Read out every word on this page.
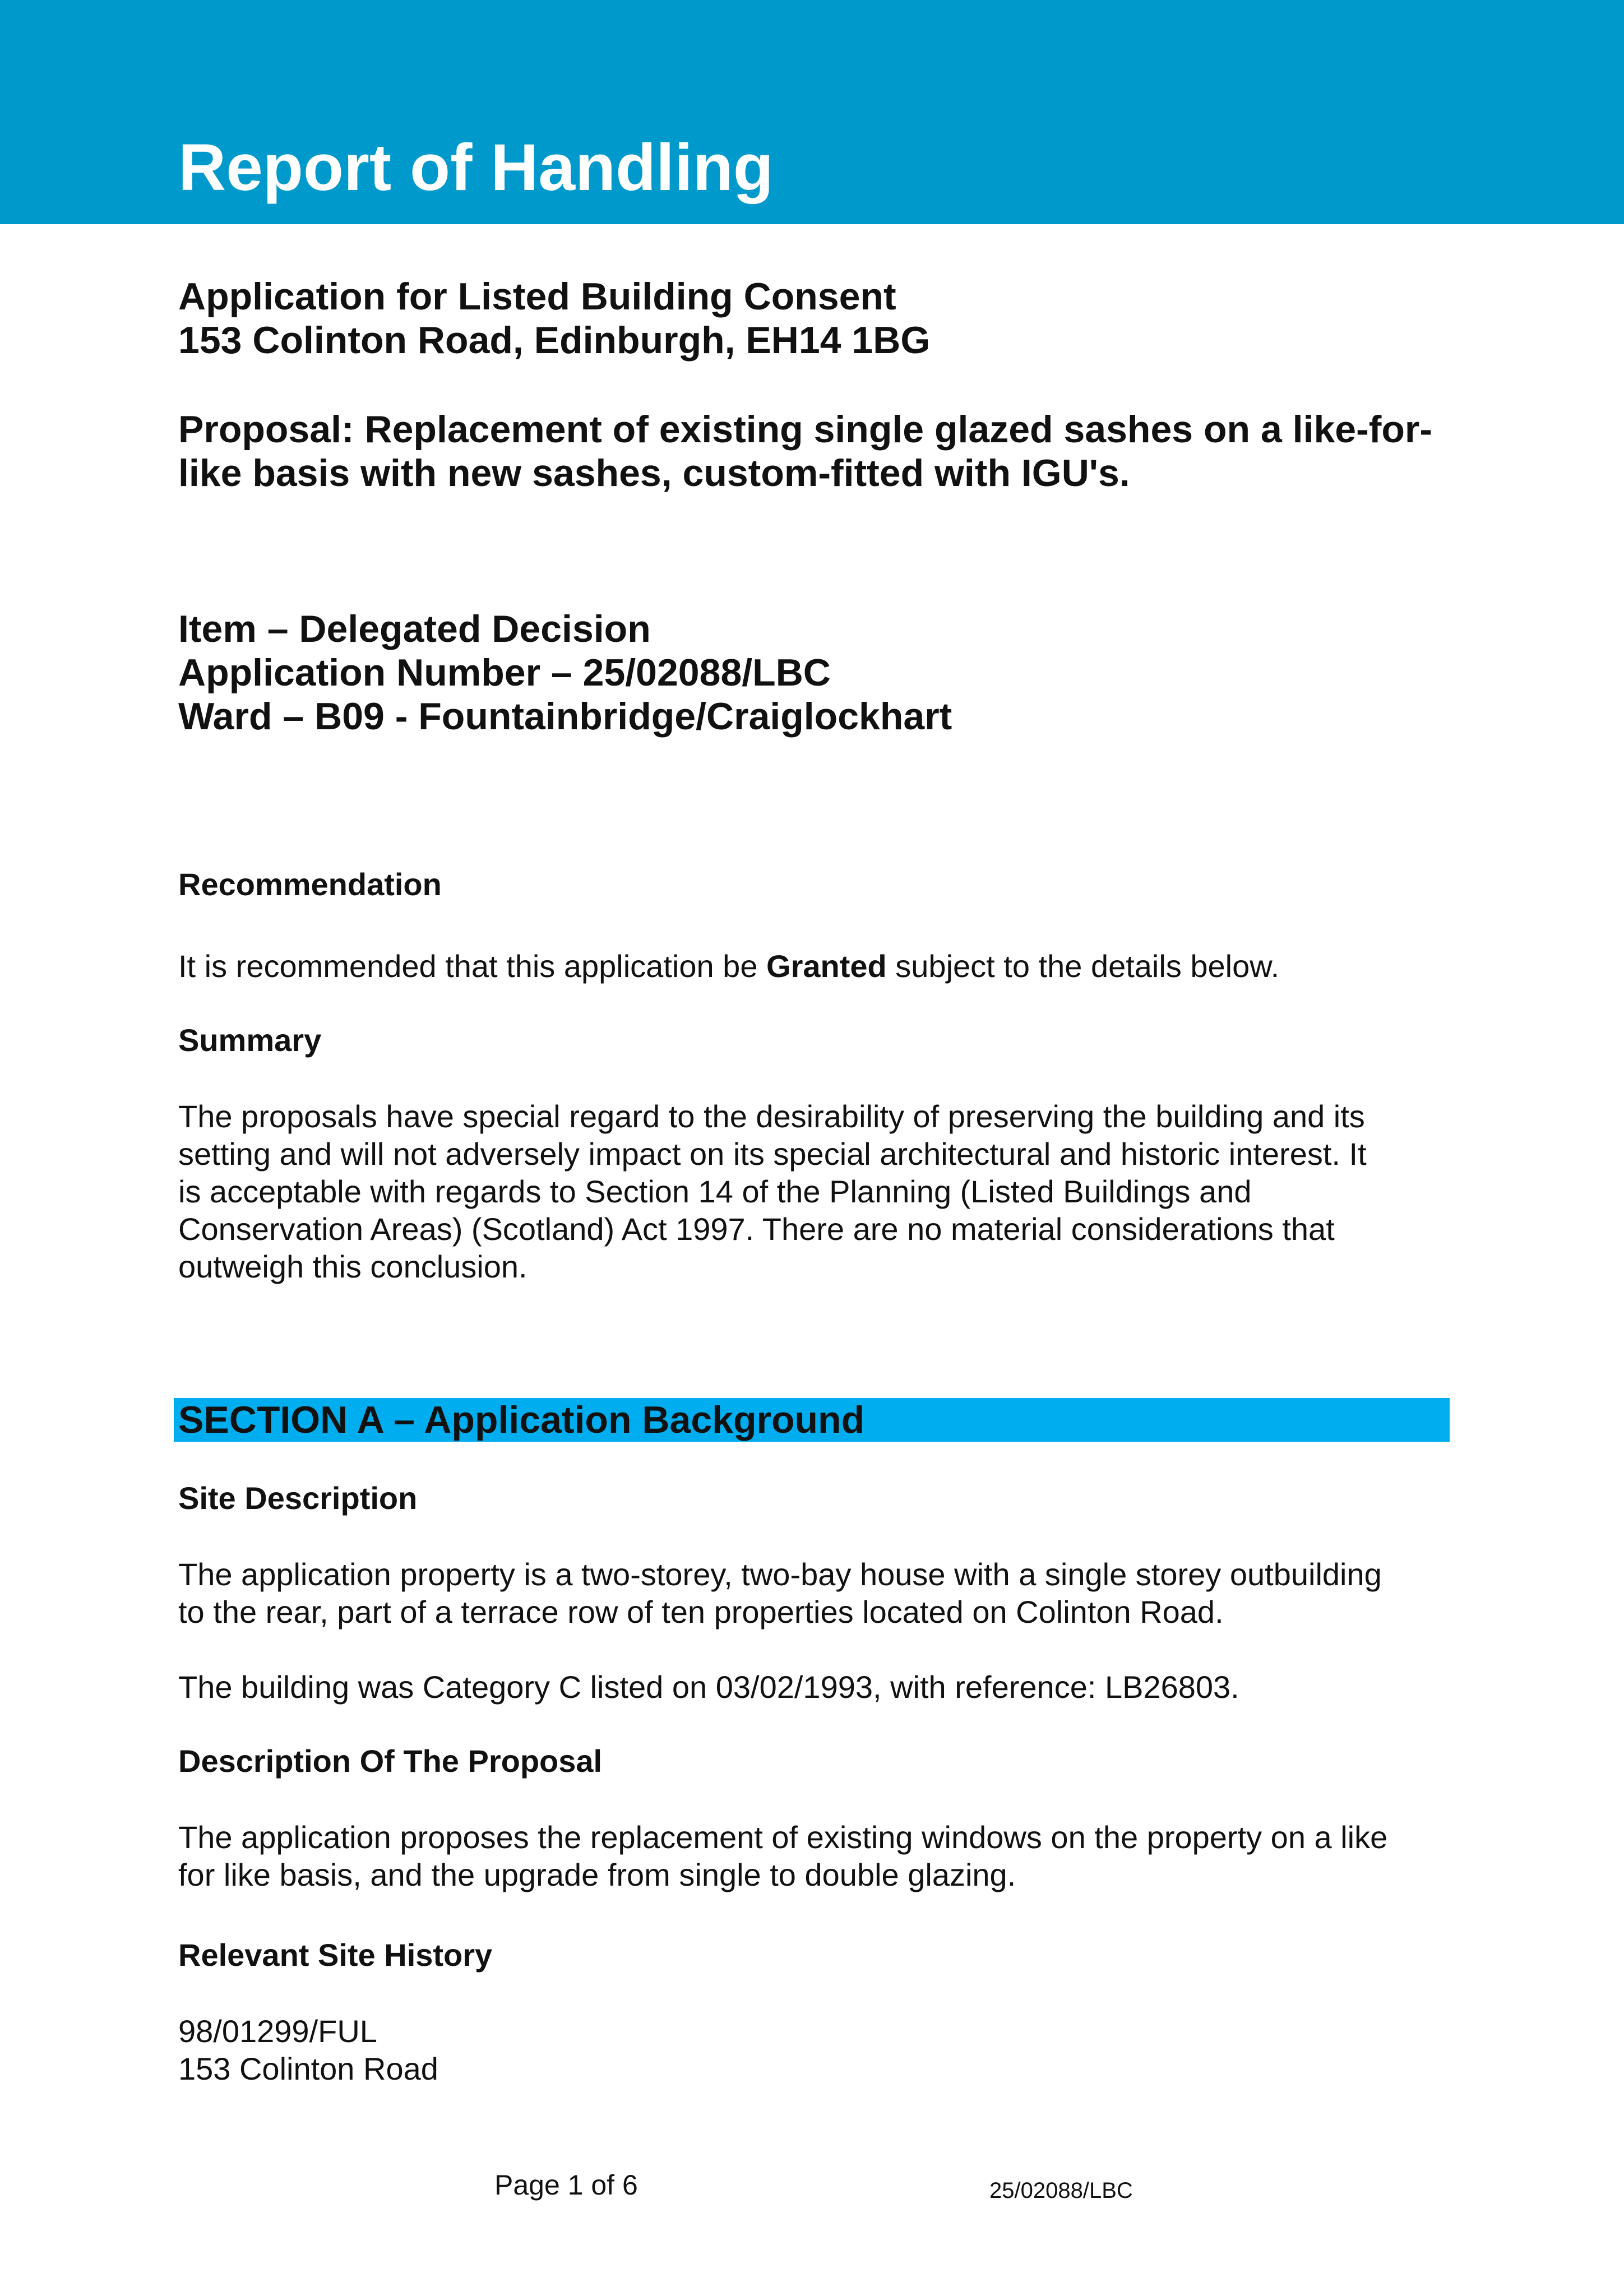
Report of Handling

Application for Listed Building Consent

153 Colinton Road, Edinburgh, EH14 1BG

Proposal: Replacement of existing single glazed sashes on a like-for-

like basis with new sashes, custom-fitted with IGU's.

Item – Delegated Decision

Application Number – 25/02088/LBC

Ward – B09 - Fountainbridge/Craiglockhart

Recommendation

It is recommended that this application be Granted subject to the details below.

Summary

The proposals have special regard to the desirability of preserving the building and its

setting and will not adversely impact on its special architectural and historic interest. It

is acceptable with regards to Section 14 of the Planning (Listed Buildings and

Conservation Areas) (Scotland) Act 1997. There are no material considerations that

outweigh this conclusion.

SECTION A – Application Background

Site Description

The application property is a two-storey, two-bay house with a single storey outbuilding

to the rear, part of a terrace row of ten properties located on Colinton Road.

The building was Category C listed on 03/02/1993, with reference: LB26803.

Description Of The Proposal

The application proposes the replacement of existing windows on the property on a like

for like basis, and the upgrade from single to double glazing.

Relevant Site History

98/01299/FUL

153 Colinton Road

Page 1 of 6	25/02088/LBC
